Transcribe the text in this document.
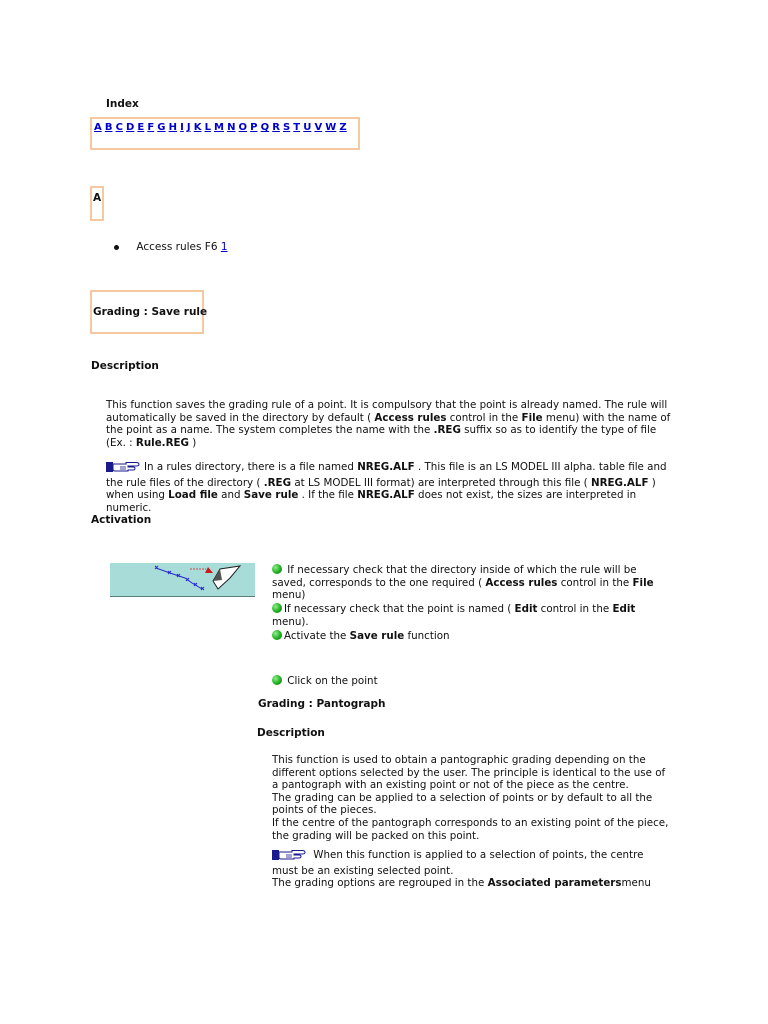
Index
A B C D E F G H I J K L M N O P Q R S T U V W Z
A
Access rules F6 1
Grading : Save rule
Description
This function saves the grading rule of a point. It is compulsory that the point is already named. The rule will automatically be saved in the directory by default ( Access rules control in the File menu) with the name of the point as a name. The system completes the name with the .REG suffix so as to identify the type of file (Ex. : Rule.REG )
In a rules directory, there is a file named NREG.ALF . This file is an LS MODEL III alpha. table file and the rule files of the directory ( .REG at LS MODEL III format) are interpreted through this file ( NREG.ALF ) when using Load file and Save rule . If the file NREG.ALF does not exist, the sizes are interpreted in numeric.
Activation
If necessary check that the directory inside of which the rule will be saved, corresponds to the one required ( Access rules control in the File menu)
If necessary check that the point is named ( Edit control in the Edit menu).
Activate the Save rule function
Click on the point
Grading : Pantograph
Description
This function is used to obtain a pantographic grading depending on the different options selected by the user. The principle is identical to the use of a pantograph with an existing point or not of the piece as the centre.
The grading can be applied to a selection of points or by default to all the points of the pieces.
If the centre of the pantograph corresponds to an existing point of the piece, the grading will be packed on this point.
When this function is applied to a selection of points, the centre must be an existing selected point.
The grading options are regrouped in the Associated parametersmenu
